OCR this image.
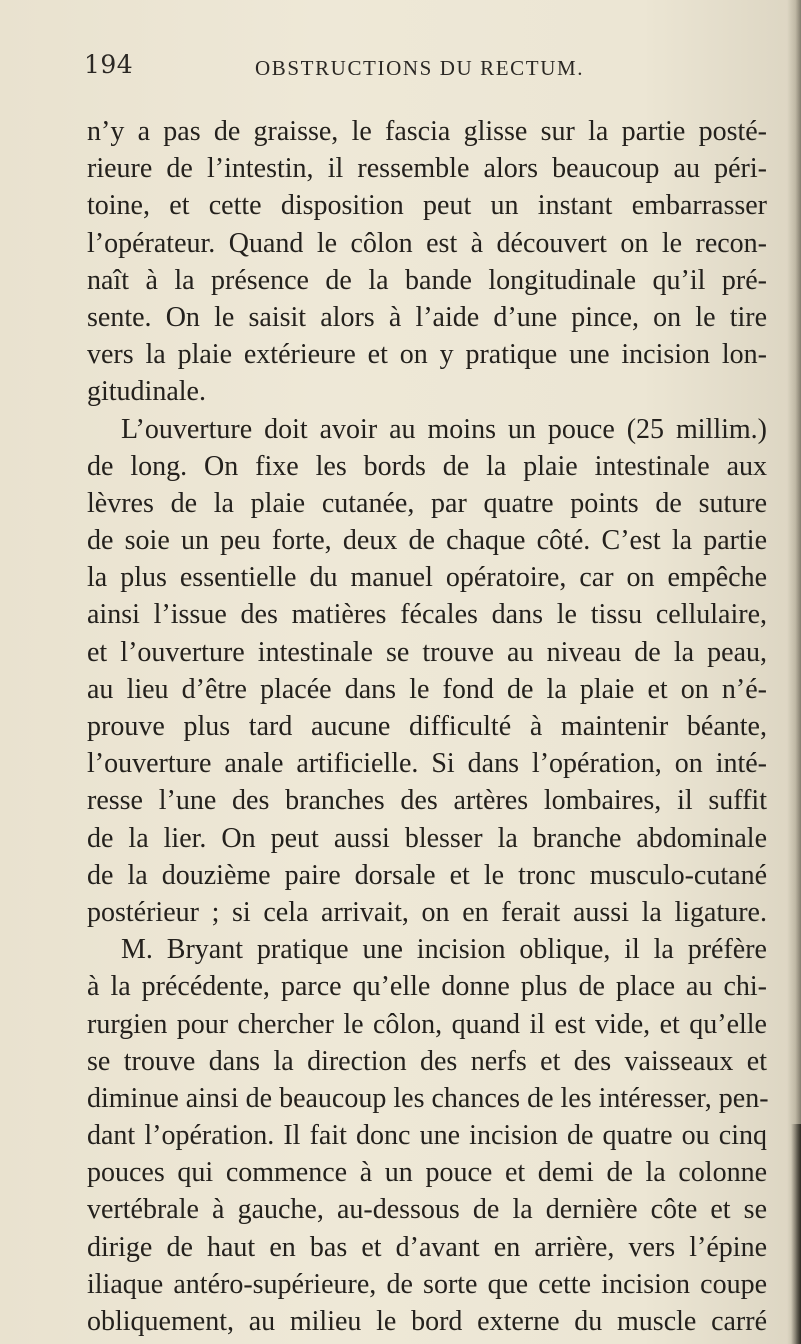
194	OBSTRUCTIONS DU RECTUM.
n’y a pas de graisse, le fascia glisse sur la partie posté-
rieure de l’intestin, il ressemble alors beaucoup au péri-
toine, et cette disposition peut un instant embarrasser
l’opérateur. Quand le côlon est à découvert on le recon-
naît à la présence de la bande longitudinale qu’il pré-
sente. On le saisit alors à l’aide d’une pince, on le tire
vers la plaie extérieure et on y pratique une incision lon-
gitudinale.
L’ouverture doit avoir au moins un pouce (25 millim.)
de long. On fixe les bords de la plaie intestinale aux
lèvres de la plaie cutanée, par quatre points de suture
de soie un peu forte, deux de chaque côté. C’est la partie
la plus essentielle du manuel opératoire, car on empêche
ainsi l’issue des matières fécales dans le tissu cellulaire,
et l’ouverture intestinale se trouve au niveau de la peau,
au lieu d’être placée dans le fond de la plaie et on n’é-
prouve plus tard aucune difficulté à maintenir béante,
l’ouverture anale artificielle. Si dans l’opération, on inté-
resse l’une des branches des artères lombaires, il suffit
de la lier. On peut aussi blesser la branche abdominale
de la douzième paire dorsale et le tronc musculo-cutané
postérieur ; si cela arrivait, on en ferait aussi la ligature.
M. Bryant pratique une incision oblique, il la préfère
à la précédente, parce qu’elle donne plus de place au chi-
rurgien pour chercher le côlon, quand il est vide, et qu’elle
se trouve dans la direction des nerfs et des vaisseaux et
diminue ainsi de beaucoup les chances de les intéresser, pen-
dant l’opération. Il fait donc une incision de quatre ou cinq
pouces qui commence à un pouce et demi de la colonne
vertébrale à gauche, au-dessous de la dernière côte et se
dirige de haut en bas et d’avant en arrière, vers l’épine
iliaque antéro-supérieure, de sorte que cette incision coupe
obliquement, au milieu le bord externe du muscle carré
